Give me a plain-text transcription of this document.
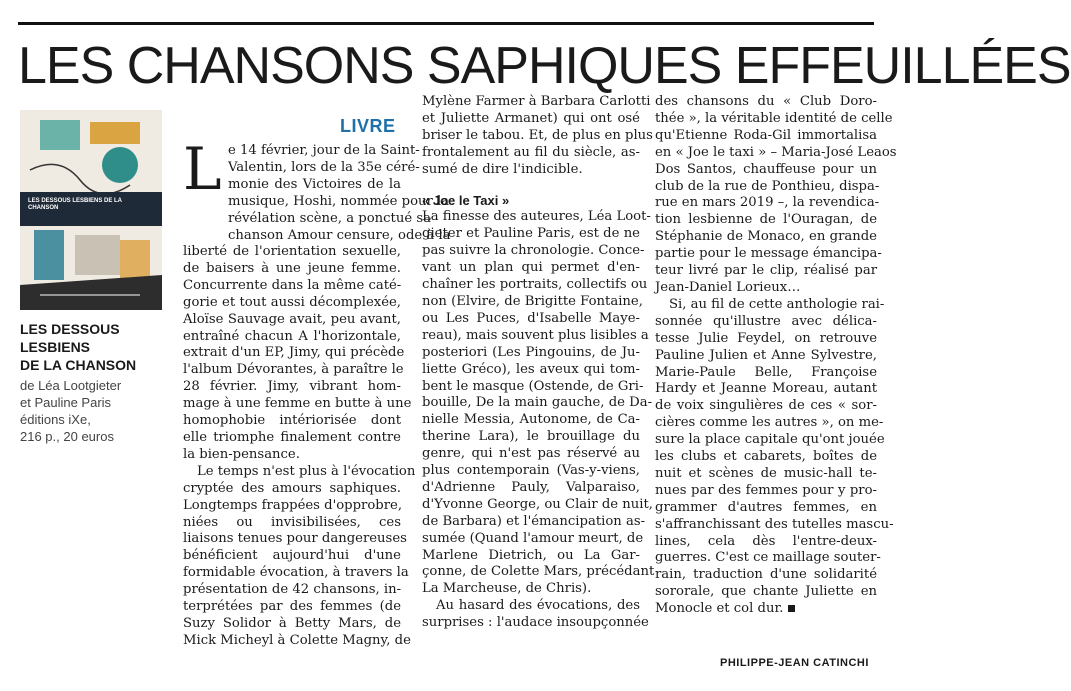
LES CHANSONS SAPHIQUES EFFEUILLÉES
LES DESSOUS LESBIENS DE LA CHANSON
LES DESSOUS
LESBIENS
DE LA CHANSON
de Léa Lootgieter
et Pauline Paris
éditions iXe,
216 p., 20 euros
LIVRE
L e 14 février, jour de la Saint-
Valentin, lors de la 35e céré-
monie des Victoires de la
musique, Hoshi, nommée pour la
révélation scène, a ponctué sa
chanson Amour censure, ode à la
liberté de l'orientation sexuelle,
de baisers à une jeune femme.
Concurrente dans la même caté-
gorie et tout aussi décomplexée,
Aloïse Sauvage avait, peu avant,
entraîné chacun A l'horizontale,
extrait d'un EP, Jimy, qui précède
l'album Dévorantes, à paraître le
28 février. Jimy, vibrant hom-
mage à une femme en butte à une
homophobie intériorisée dont
elle triomphe finalement contre
la bien-pensance.
Le temps n'est plus à l'évocation
cryptée des amours saphiques.
Longtemps frappées d'opprobre,
niées ou invisibilisées, ces
liaisons tenues pour dangereuses
bénéficient aujourd'hui d'une
formidable évocation, à travers la
présentation de 42 chansons, in-
terprétées par des femmes (de
Suzy Solidor à Betty Mars, de
Mick Micheyl à Colette Magny, de
Mylène Farmer à Barbara Carlotti
et Juliette Armanet) qui ont osé
briser le tabou. Et, de plus en plus
frontalement au fil du siècle, as-
sumé de dire l'indicible.
« Joe le Taxi »
La finesse des auteures, Léa Loot-
gieter et Pauline Paris, est de ne
pas suivre la chronologie. Conce-
vant un plan qui permet d'en-
chaîner les portraits, collectifs ou
non (Elvire, de Brigitte Fontaine,
ou Les Puces, d'Isabelle Maye-
reau), mais souvent plus lisibles a
posteriori (Les Pingouins, de Ju-
liette Gréco), les aveux qui tom-
bent le masque (Ostende, de Gri-
bouille, De la main gauche, de Da-
nielle Messia, Autonome, de Ca-
therine Lara), le brouillage du
genre, qui n'est pas réservé au
plus contemporain (Vas-y-viens,
d'Adrienne Pauly, Valparaiso,
d'Yvonne George, ou Clair de nuit,
de Barbara) et l'émancipation as-
sumée (Quand l'amour meurt, de
Marlene Dietrich, ou La Gar-
çonne, de Colette Mars, précédant
La Marcheuse, de Chris).
Au hasard des évocations, des
surprises : l'audace insoupçonnée
des chansons du « Club Doro-
thée », la véritable identité de celle
qu'Etienne Roda-Gil immortalisa
en « Joe le taxi » – Maria-José Leaos
Dos Santos, chauffeuse pour un
club de la rue de Ponthieu, dispa-
rue en mars 2019 –, la revendica-
tion lesbienne de l'Ouragan, de
Stéphanie de Monaco, en grande
partie pour le message émancipa-
teur livré par le clip, réalisé par
Jean-Daniel Lorieux…
Si, au fil de cette anthologie rai-
sonnée qu'illustre avec délica-
tesse Julie Feydel, on retrouve
Pauline Julien et Anne Sylvestre,
Marie-Paule Belle, Françoise
Hardy et Jeanne Moreau, autant
de voix singulières de ces « sor-
cières comme les autres », on me-
sure la place capitale qu'ont jouée
les clubs et cabarets, boîtes de
nuit et scènes de music-hall te-
nues par des femmes pour y pro-
grammer d'autres femmes, en
s'affranchissant des tutelles mascu-
lines, cela dès l'entre-deux-
guerres. C'est ce maillage souter-
rain, traduction d'une solidarité
sororale, que chante Juliette en
Monocle et col dur.
PHILIPPE-JEAN CATINCHI
